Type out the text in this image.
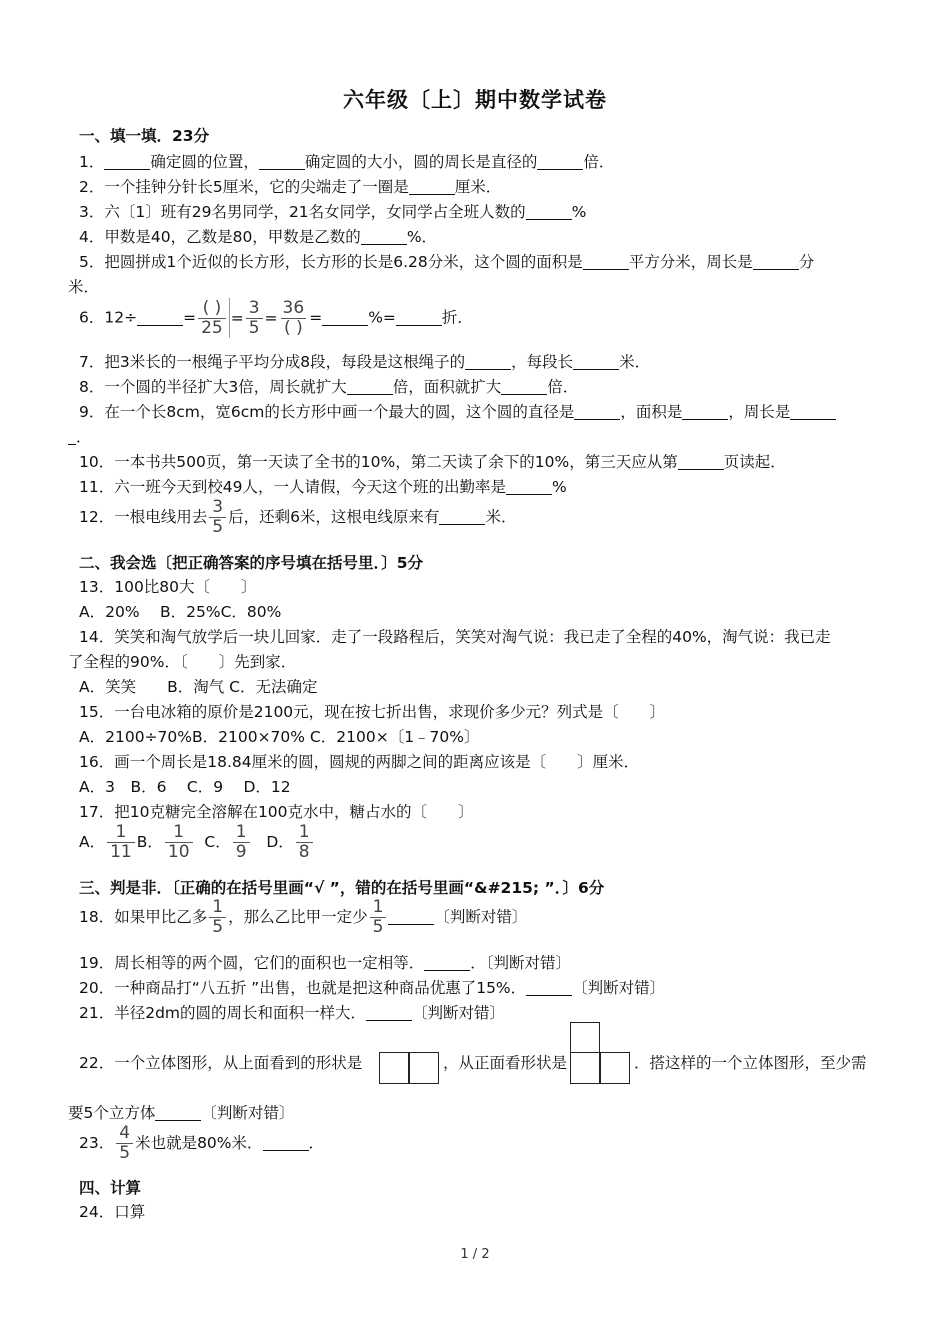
六年级〔上〕期中数学试卷
一、填一填．23分
1．	确定圆的位置，	确定圆的大小，圆的周长是直径的	倍．
2．一个挂钟分针长5厘米，它的尖端走了一圈是	厘米．
3．六〔1〕班有29名男同学，21名女同学，女同学占全班人数的	%
4．甲数是40，乙数是80，甲数是乙数的	%．
5．把圆拼成1个近似的长方形，长方形的长是6.28分米，这个圆的面积是	平方分米，周长是	分
米．
6．12÷	= $\frac{( )}{25} = \frac{3}{5} = \frac{36}{( )}$ =	%=	折．
7．把3米长的一根绳子平均分成8段，每段是这根绳子的	，每段长	米．
8．一个圆的半径扩大3倍，周长就扩大	倍，面积就扩大	倍．
9．在一个长8cm，宽6cm的长方形中画一个最大的圆，这个圆的直径是	，面积是	，周长是
．
10．一本书共500页，第一天读了全书的10%，第二天读了余下的10%，第三天应从第	页读起．
11．六一班今天到校49人，一人请假，今天这个班的出勤率是	%
12．一根电线用去 $\frac{3}{5}$ 后，还剩6米，这根电线原来有	米．
二、我会选〔把正确答案的序号填在括号里．〕5分
13．100比80大〔　　〕
A．20%　 B．25%C．80%
14．笑笑和淘气放学后一块儿回家．走了一段路程后，笑笑对淘气说：我已走了全程的40%，淘气说：我已走
了全程的90%．〔　　〕先到家．
A．笑笑　　B．淘气 C．无法确定
15．一台电冰箱的原价是2100元，现在按七折出售，求现价多少元？列式是〔　　〕
A．2100÷70%B．2100×70% C．2100×〔1﹣70%〕
16．画一个周长是18.84厘米的圆，圆规的两脚之间的距离应该是〔　　〕厘米．
A．3　B．6　 C．9　 D．12
17．把10克糖完全溶解在100克水中，糖占水的〔　　〕
A． $\frac{1}{11}$ B． $\frac{1}{10}$ C． $\frac{1}{9}$ D． $\frac{1}{8}$
三、判是非．〔正确的在括号里画“√ ”，错的在括号里画“&#215; ”．〕6分
18．如果甲比乙多 $\frac{1}{5}$ ，那么乙比甲一定少 $\frac{1}{5}$	〔判断对错〕
19．周长相等的两个圆，它们的面积也一定相等．	．〔判断对错〕
20．一种商品打“八五折 ”出售，也就是把这种商品优惠了15%．	〔判断对错〕
21．半径2dm的圆的周长和面积一样大．	〔判断对错〕
22．一个立体图形，从上面看到的形状是	，从正面看形状是	．搭这样的一个立体图形，至少需
要5个立方体	〔判断对错〕
23． $\frac{4}{5}$ 米也就是80%米．	．
四、计算
24．口算
1 / 2
